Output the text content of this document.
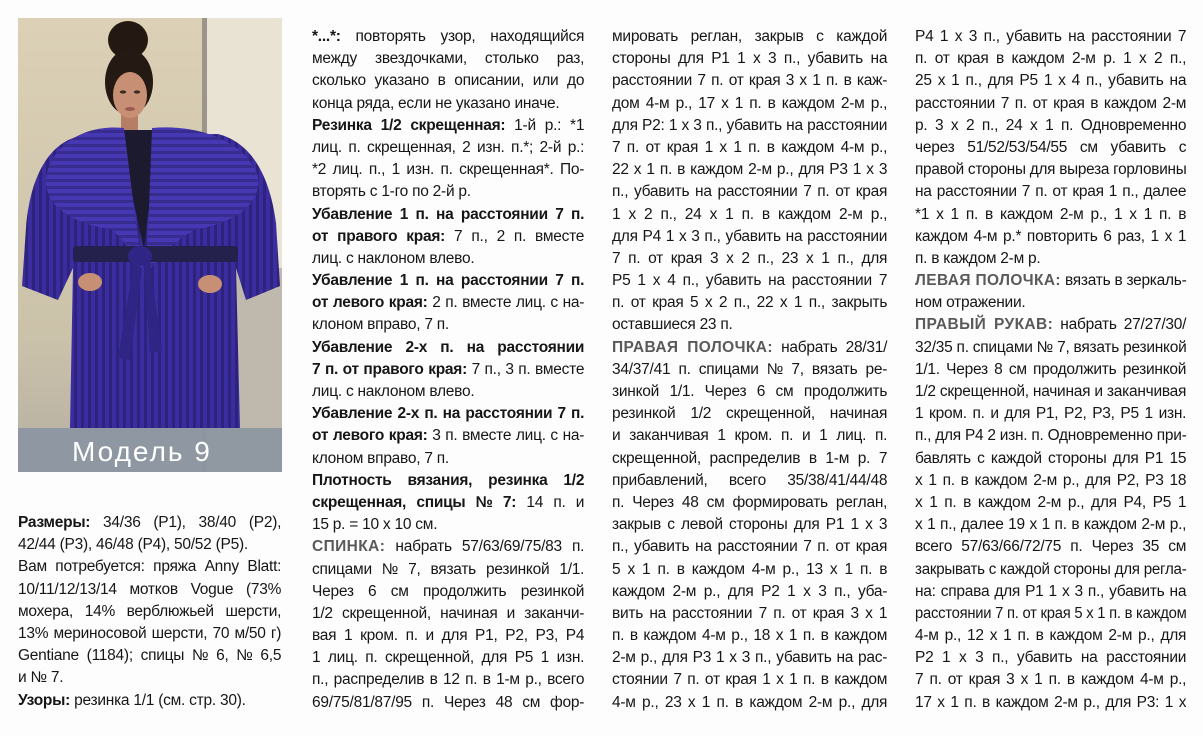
Модель 9
Размеры: 34/36 (Р1), 38/40 (Р2),
42/44 (Р3), 46/48 (Р4), 50/52 (Р5).
Вам потребуется: пряжа Anny Blatt:
10/11/12/13/14 мотков Vogue (73%
мохера, 14% верблюжьей шерсти,
13% мериносовой шерсти, 70 м/50 г)
Gentiane (1184); спицы № 6, № 6,5
и № 7.
Узоры: резинка 1/1 (см. стр. 30).
*...*: повторять узор, находящийся
между звездочками, столько раз,
сколько указано в описании, или до
конца ряда, если не указано иначе.
Резинка 1/2 скрещенная: 1-й р.: *1
лиц. п. скрещенная, 2 изн. п.*; 2-й р.:
*2 лиц. п., 1 изн. п. скрещенная*. По-
вторять с 1-го по 2-й р.
Убавление 1 п. на расстоянии 7 п.
от правого края: 7 п., 2 п. вместе
лиц. с наклоном влево.
Убавление 1 п. на расстоянии 7 п.
от левого края: 2 п. вместе лиц. с на-
клоном вправо, 7 п.
Убавление 2-х п. на расстоянии
7 п. от правого края: 7 п., 3 п. вместе
лиц. с наклоном влево.
Убавление 2-х п. на расстоянии 7 п.
от левого края: 3 п. вместе лиц. с на-
клоном вправо, 7 п.
Плотность вязания, резинка 1/2
скрещенная, спицы № 7: 14 п. и
15 р. = 10 х 10 см.
СПИНКА: набрать 57/63/69/75/83 п.
спицами № 7, вязать резинкой 1/1.
Через 6 см продолжить резинкой
1/2 скрещенной, начиная и заканчи-
вая 1 кром. п. и для Р1, Р2, Р3, Р4
1 лиц. п. скрещенной, для Р5 1 изн.
п., распределив в 12 п. в 1-м р., всего
69/75/81/87/95 п. Через 48 см фор-
мировать реглан, закрыв с каждой
стороны для Р1 1 х 3 п., убавить на
расстоянии 7 п. от края 3 х 1 п. в каж-
дом 4-м р., 17 х 1 п. в каждом 2-м р.,
для Р2: 1 х 3 п., убавить на расстоянии
7 п. от края 1 х 1 п. в каждом 4-м р.,
22 х 1 п. в каждом 2-м р., для Р3 1 х 3
п., убавить на расстоянии 7 п. от края
1 х 2 п., 24 х 1 п. в каждом 2-м р.,
для Р4 1 х 3 п., убавить на расстоянии
7 п. от края 3 х 2 п., 23 х 1 п., для
Р5 1 х 4 п., убавить на расстоянии 7
п. от края 5 х 2 п., 22 х 1 п., закрыть
оставшиеся 23 п.
ПРАВАЯ ПОЛОЧКА: набрать 28/31/
34/37/41 п. спицами № 7, вязать ре-
зинкой 1/1. Через 6 см продолжить
резинкой 1/2 скрещенной, начиная
и заканчивая 1 кром. п. и 1 лиц. п.
скрещенной, распределив в 1-м р. 7
прибавлений, всего 35/38/41/44/48
п. Через 48 см формировать реглан,
закрыв с левой стороны для Р1 1 х 3
п., убавить на расстоянии 7 п. от края
5 х 1 п. в каждом 4-м р., 13 х 1 п. в
каждом 2-м р., для Р2 1 х 3 п., уба-
вить на расстоянии 7 п. от края 3 х 1
п. в каждом 4-м р., 18 х 1 п. в каждом
2-м р., для Р3 1 х 3 п., убавить на рас-
стоянии 7 п. от края 1 х 1 п. в каждом
4-м р., 23 х 1 п. в каждом 2-м р., для
Р4 1 х 3 п., убавить на расстоянии 7
п. от края в каждом 2-м р. 1 х 2 п.,
25 х 1 п., для Р5 1 х 4 п., убавить на
расстоянии 7 п. от края в каждом 2-м
р. 3 х 2 п., 24 х 1 п. Одновременно
через 51/52/53/54/55 см убавить с
правой стороны для выреза горловины
на расстоянии 7 п. от края 1 п., далее
*1 х 1 п. в каждом 2-м р., 1 х 1 п. в
каждом 4-м р.* повторить 6 раз, 1 х 1
п. в каждом 2-м р.
ЛЕВАЯ ПОЛОЧКА: вязать в зеркаль-
ном отражении.
ПРАВЫЙ РУКАВ: набрать 27/27/30/
32/35 п. спицами № 7, вязать резинкой
1/1. Через 8 см продолжить резинкой
1/2 скрещенной, начиная и заканчивая
1 кром. п. и для Р1, Р2, Р3, Р5 1 изн.
п., для Р4 2 изн. п. Одновременно при-
бавлять с каждой стороны для Р1 15
х 1 п. в каждом 2-м р., для Р2, Р3 18
х 1 п. в каждом 2-м р., для Р4, Р5 1
х 1 п., далее 19 х 1 п. в каждом 2-м р.,
всего 57/63/66/72/75 п. Через 35 см
закрывать с каждой стороны для регла-
на: справа для Р1 1 х 3 п., убавить на
расстоянии 7 п. от края 5 х 1 п. в каждом
4-м р., 12 х 1 п. в каждом 2-м р., для
Р2 1 х 3 п., убавить на расстоянии
7 п. от края 3 х 1 п. в каждом 4-м р.,
17 х 1 п. в каждом 2-м р., для Р3: 1 х
